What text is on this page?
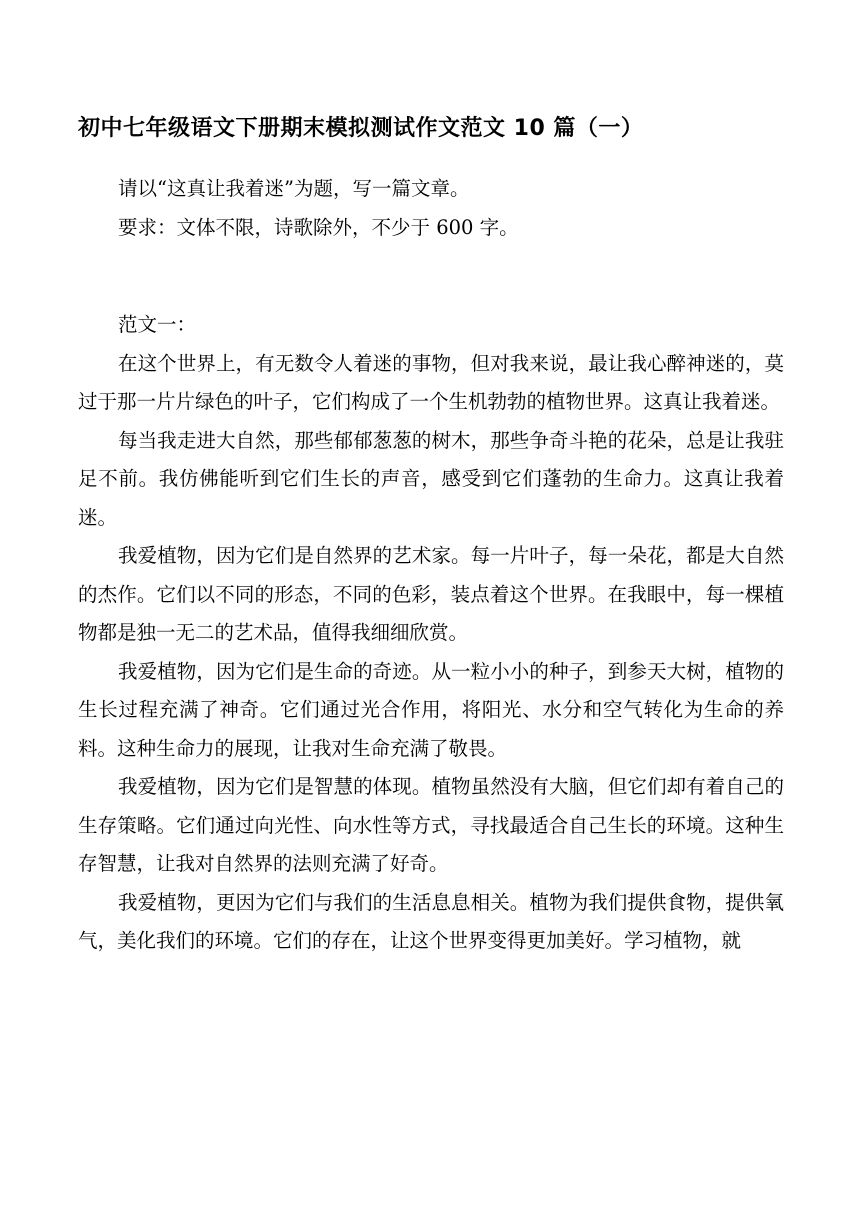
初中七年级语文下册期末模拟测试作文范文 10 篇（一）

请以“这真让我着迷”为题，写一篇文章。

要求：文体不限，诗歌除外，不少于 600 字。

范文一：

在这个世界上，有无数令人着迷的事物，但对我来说，最让我心醉神迷的，莫过于那一片片绿色的叶子，它们构成了一个生机勃勃的植物世界。这真让我着迷。

每当我走进大自然，那些郁郁葱葱的树木，那些争奇斗艳的花朵，总是让我驻足不前。我仿佛能听到它们生长的声音，感受到它们蓬勃的生命力。这真让我着迷。

我爱植物，因为它们是自然界的艺术家。每一片叶子，每一朵花，都是大自然的杰作。它们以不同的形态，不同的色彩，装点着这个世界。在我眼中，每一棵植物都是独一无二的艺术品，值得我细细欣赏。

我爱植物，因为它们是生命的奇迹。从一粒小小的种子，到参天大树，植物的生长过程充满了神奇。它们通过光合作用，将阳光、水分和空气转化为生命的养料。这种生命力的展现，让我对生命充满了敬畏。

我爱植物，因为它们是智慧的体现。植物虽然没有大脑，但它们却有着自己的生存策略。它们通过向光性、向水性等方式，寻找最适合自己生长的环境。这种生存智慧，让我对自然界的法则充满了好奇。

我爱植物，更因为它们与我们的生活息息相关。植物为我们提供食物，提供氧气，美化我们的环境。它们的存在，让这个世界变得更加美好。学习植物，就
